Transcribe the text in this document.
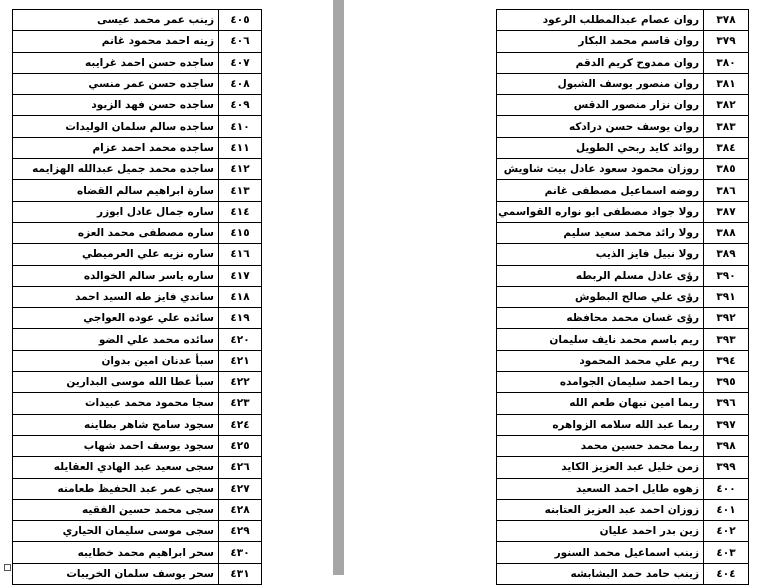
زينب عمر محمد عيسى	٤٠٥
زينه احمد محمود غانم	٤٠٦
ساجده حسن احمد غرايبه	٤٠٧
ساجده حسن عمر منسي	٤٠٨
ساجده حسن فهد الزيود	٤٠٩
ساجده سالم سلمان الوليدات	٤١٠
ساجده محمد احمد عزام	٤١١
ساجده محمد جميل عبدالله الهزايمه	٤١٢
سارة ابراهيم سالم القضاه	٤١٣
ساره جمال عادل ابوزر	٤١٤
ساره مصطفى محمد العزه	٤١٥
ساره نزيه علي العرميطي	٤١٦
ساره ياسر سالم الخوالده	٤١٧
ساندي فايز طه السيد احمد	٤١٨
سائده علي عوده العواجي	٤١٩
سائده محمد علي الضو	٤٢٠
سبأ عدنان امين بدوان	٤٢١
سبأ عطا الله موسى البدارين	٤٢٢
سجا محمود محمد عبيدات	٤٢٣
سجود سامح شاهر بطاينه	٤٢٤
سجود يوسف احمد شهاب	٤٢٥
سجى سعيد عبد الهادي العقايله	٤٢٦
سجى عمر عبد الحفيظ طعامنه	٤٢٧
سجى محمد حسين الفقيه	٤٢٨
سجى موسى سليمان الحياري	٤٢٩
سحر ابراهيم محمد خطايبه	٤٣٠
سحر يوسف سلمان الخريبات	٤٣١
روان عصام عبدالمطلب الرعود	٣٧٨
روان قاسم محمد البكار	٣٧٩
روان ممدوح كريم الدقم	٣٨٠
روان منصور يوسف الشبول	٣٨١
روان نزار منصور الدقس	٣٨٢
روان يوسف حسن درادكه	٣٨٣
روائد كايد ربحي الطويل	٣٨٤
روزان محمود سعود عادل بيت شاويش	٣٨٥
روضه اسماعيل مصطفى غانم	٣٨٦
رولا جواد مصطفى ابو نواره القواسمي	٣٨٧
رولا رائد محمد سعيد سليم	٣٨٨
رولا نبيل فايز الذيب	٣٨٩
رؤى عادل مسلم الربطه	٣٩٠
رؤى علي صالح البطوش	٣٩١
رؤى غسان محمد محافظه	٣٩٢
ريم باسم محمد نايف سليمان	٣٩٣
ريم علي محمد المحمود	٣٩٤
ريما احمد سليمان الجوامده	٣٩٥
ريما امين نبهان طعم الله	٣٩٦
ريما عبد الله سلامه الزواهره	٣٩٧
ريما محمد حسين محمد	٣٩٨
زمن خليل عبد العزيز الكايد	٣٩٩
زهوه طايل احمد السعيد	٤٠٠
زوزان احمد عبد العزيز العتابنه	٤٠١
زين بدر احمد عليان	٤٠٢
زينب اسماعيل محمد السنور	٤٠٣
زينب حامد حمد البشابشه	٤٠٤
